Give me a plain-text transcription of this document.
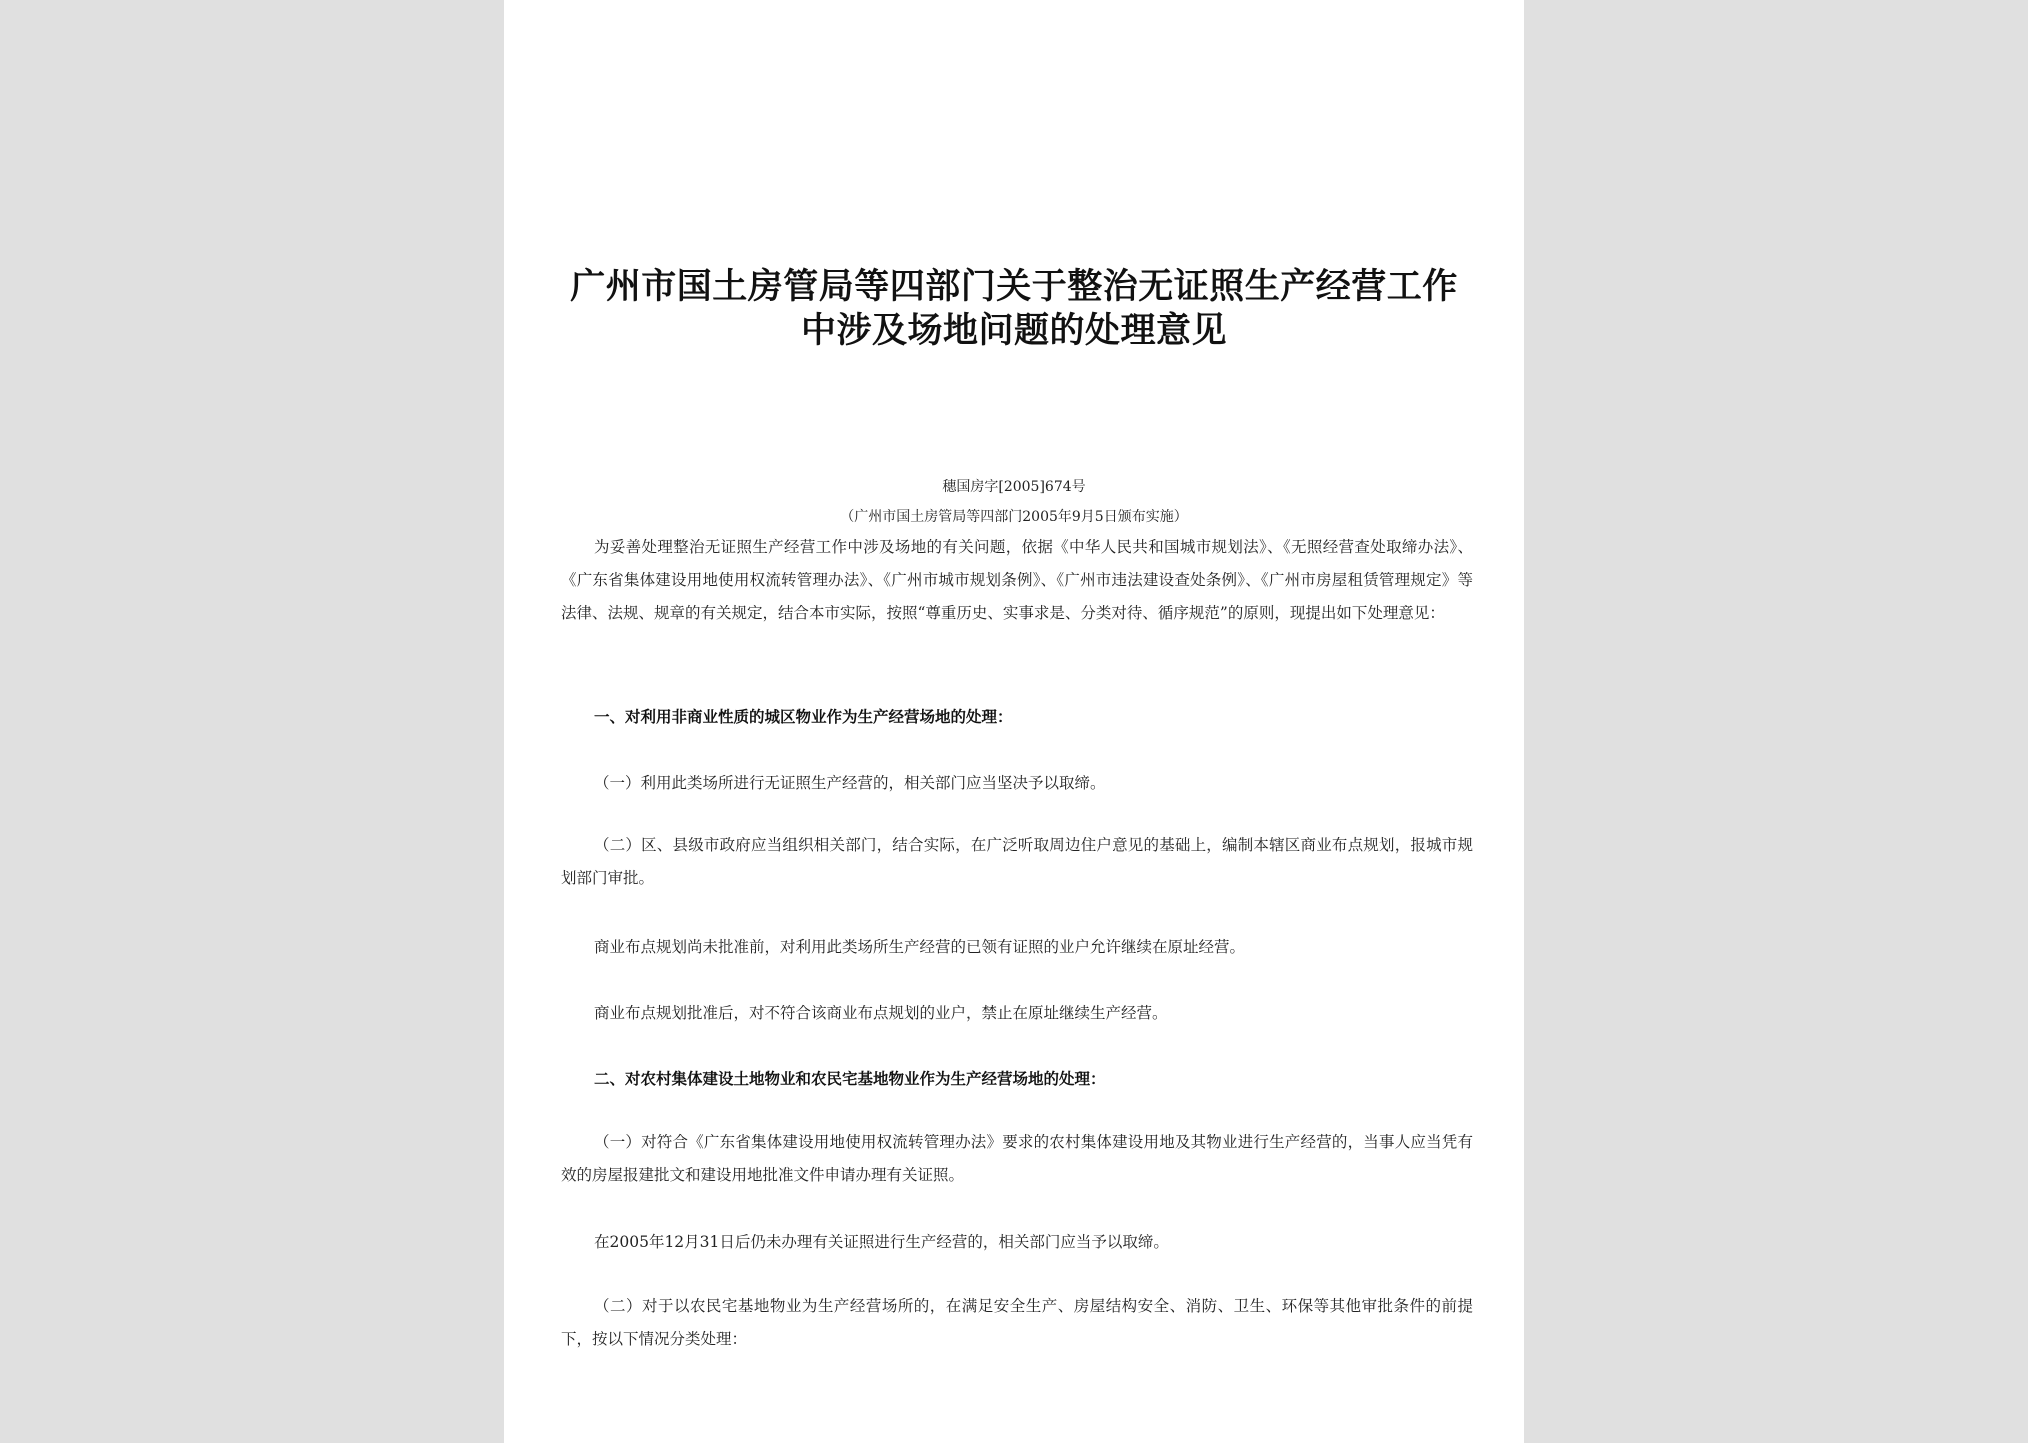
广州市国土房管局等四部门关于整治无证照生产经营工作中涉及场地问题的处理意见
穗国房字[2005]674号
（广州市国土房管局等四部门2005年9月5日颁布实施）
为妥善处理整治无证照生产经营工作中涉及场地的有关问题，依据《中华人民共和国城市规划法》、《无照经营查处取缔办法》、《广东省集体建设用地使用权流转管理办法》、《广州市城市规划条例》、《广州市违法建设查处条例》、《广州市房屋租赁管理规定》等法律、法规、规章的有关规定，结合本市实际，按照“尊重历史、实事求是、分类对待、循序规范”的原则，现提出如下处理意见：
一、对利用非商业性质的城区物业作为生产经营场地的处理：
（一）利用此类场所进行无证照生产经营的，相关部门应当坚决予以取缔。
（二）区、县级市政府应当组织相关部门，结合实际，在广泛听取周边住户意见的基础上，编制本辖区商业布点规划，报城市规划部门审批。
商业布点规划尚未批准前，对利用此类场所生产经营的已领有证照的业户允许继续在原址经营。
商业布点规划批准后，对不符合该商业布点规划的业户，禁止在原址继续生产经营。
二、对农村集体建设土地物业和农民宅基地物业作为生产经营场地的处理：
（一）对符合《广东省集体建设用地使用权流转管理办法》要求的农村集体建设用地及其物业进行生产经营的，当事人应当凭有效的房屋报建批文和建设用地批准文件申请办理有关证照。
在2005年12月31日后仍未办理有关证照进行生产经营的，相关部门应当予以取缔。
（二）对于以农民宅基地物业为生产经营场所的，在满足安全生产、房屋结构安全、消防、卫生、环保等其他审批条件的前提下，按以下情况分类处理：
